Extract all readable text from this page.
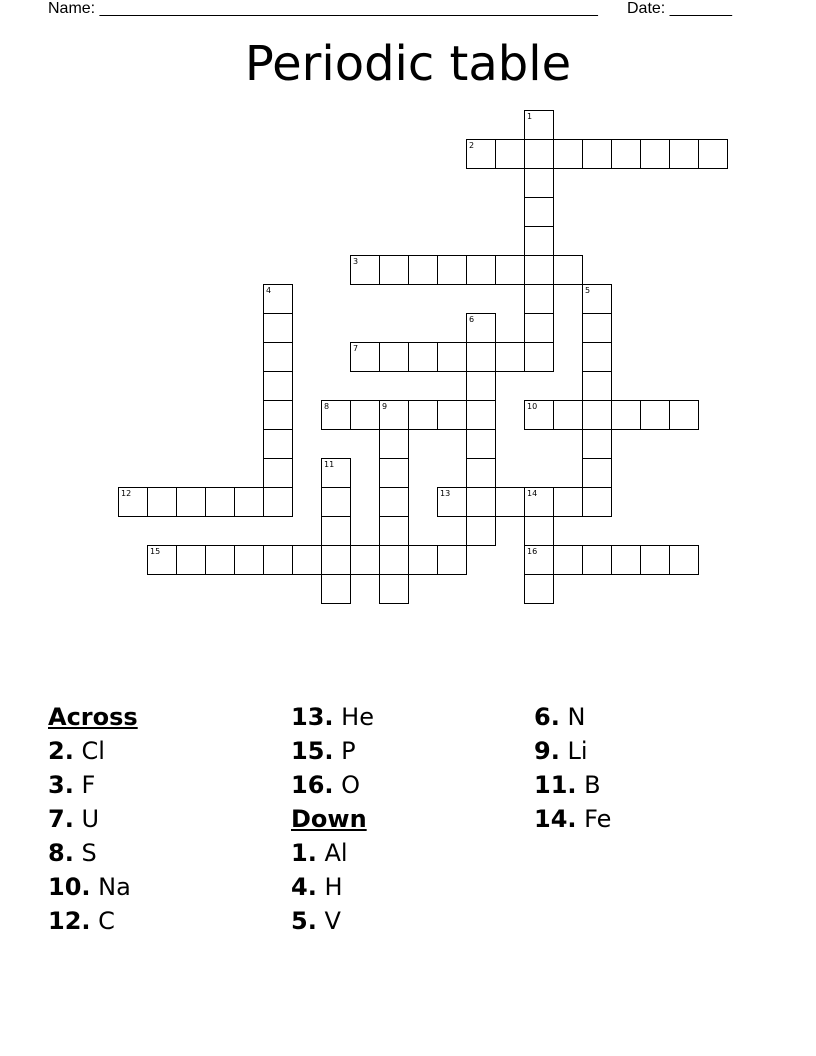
Name: ________________________________________________________ Date: _______
Periodic table
1
2
3
4	5
6
7
8	9	10
11
12	13	14
16
15
Across
2. Cl
3. F
7. U
8. S
10. Na
12. C
13. He
15. P
16. O
Down
1. Al
4. H
5. V
6. N
9. Li
11. B
14. Fe
